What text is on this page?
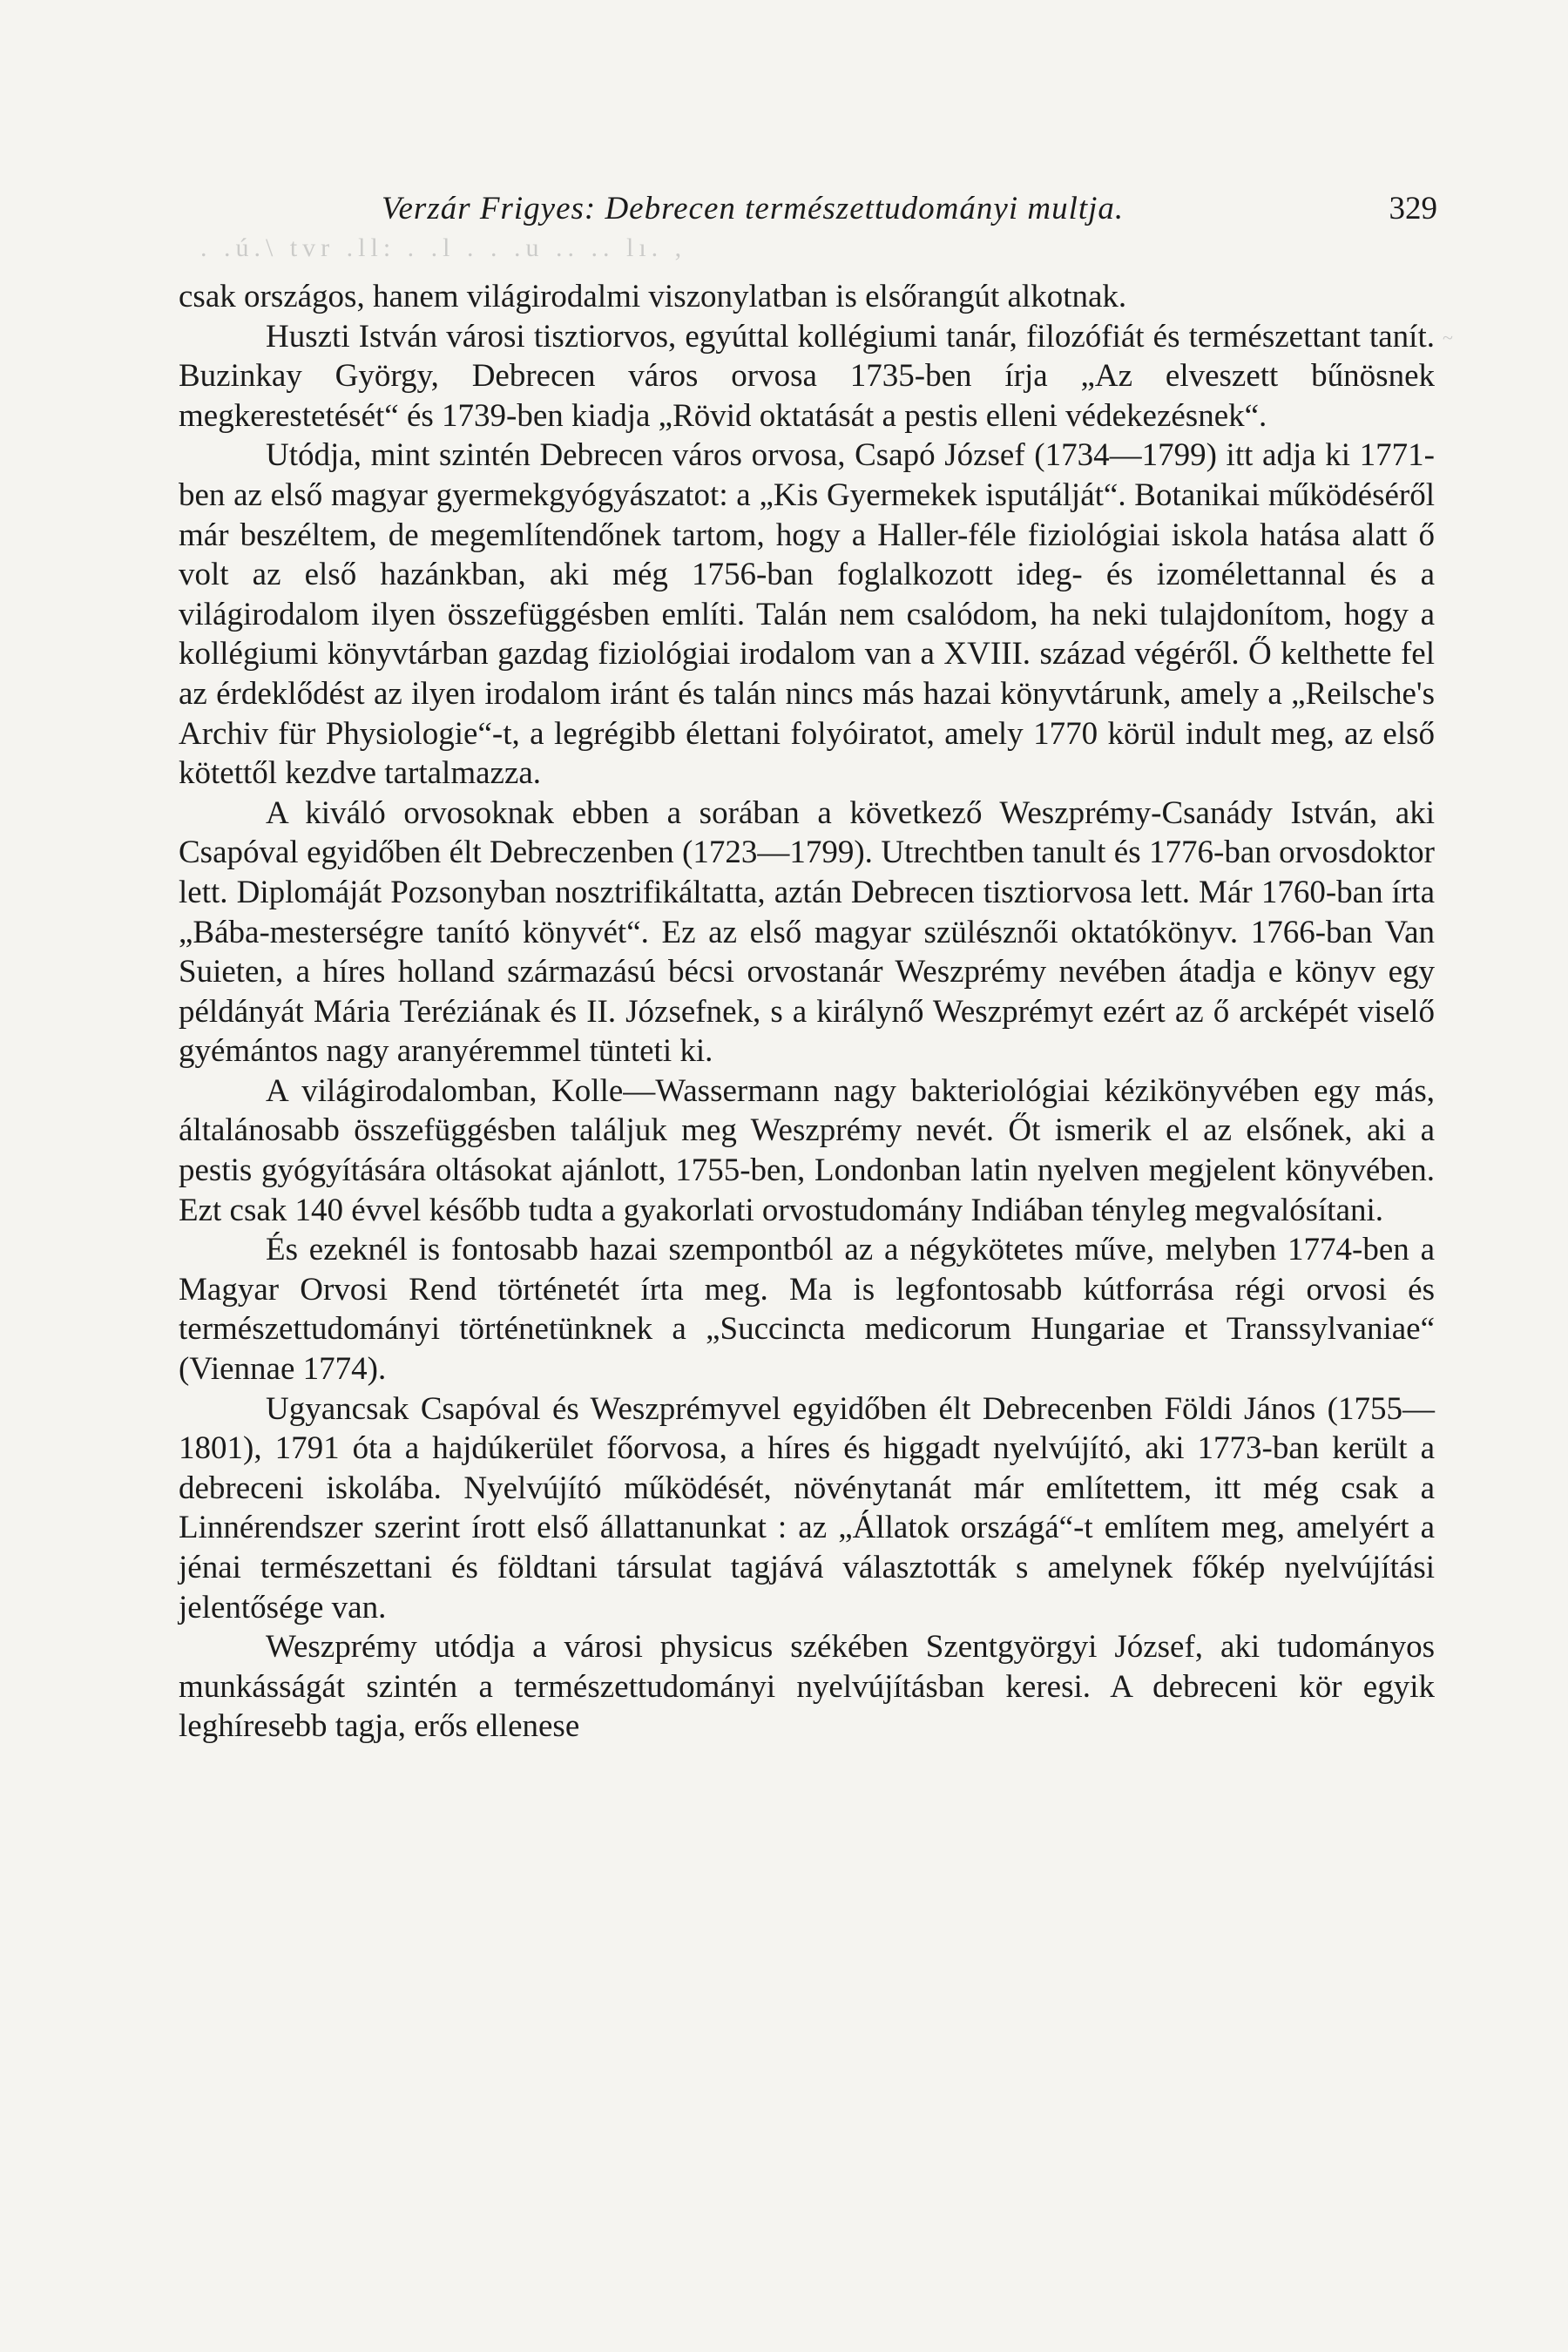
Verzár Frigyes: Debrecen természettudományi multja.	329
. .ú.\ tvr .ll: . .l . . .u .. .. lı. ,
~

csak országos, hanem világirodalmi viszonylatban is elsőrangút alkotnak.

Huszti István városi tisztiorvos, egyúttal kollégiumi tanár, filozófiát és természettant tanít. Buzinkay György, Debrecen város orvosa 1735-ben írja „Az elveszett bűnösnek megkerestetését“ és 1739-ben kiadja „Rövid oktatását a pestis elleni védekezésnek“.

Utódja, mint szintén Debrecen város orvosa, Csapó József (1734—1799) itt adja ki 1771-ben az első magyar gyermekgyógyászatot: a „Kis Gyermekek isputálját“. Botanikai működéséről már beszéltem, de megemlítendőnek tartom, hogy a Haller-féle fiziológiai iskola hatása alatt ő volt az első hazánkban, aki még 1756-ban foglalkozott ideg- és izomélettannal és a világirodalom ilyen összefüggésben említi. Talán nem csalódom, ha neki tulajdonítom, hogy a kollégiumi könyvtárban gazdag fiziológiai irodalom van a XVIII. század végéről. Ő kelthette fel az érdeklődést az ilyen irodalom iránt és talán nincs más hazai könyvtárunk, amely a „Reilsche's Archiv für Physiologie“-t, a legrégibb élettani folyóiratot, amely 1770 körül indult meg, az első kötettől kezdve tartalmazza.

A kiváló orvosoknak ebben a sorában a következő Weszprémy-Csanády István, aki Csapóval egyidőben élt Debreczenben (1723—1799). Utrechtben tanult és 1776-ban orvosdoktor lett. Diplomáját Pozsonyban nosztrifikáltatta, aztán Debrecen tisztiorvosa lett. Már 1760-ban írta „Bába-mesterségre tanító könyvét“. Ez az első magyar szülésznői oktatókönyv. 1766-ban Van Suieten, a híres holland származású bécsi orvostanár Weszprémy nevében átadja e könyv egy példányát Mária Teréziának és II. Józsefnek, s a királynő Weszprémyt ezért az ő arcképét viselő gyémántos nagy aranyéremmel tünteti ki.

A világirodalomban, Kolle—Wassermann nagy bakteriológiai kézikönyvében egy más, általánosabb összefüggésben találjuk meg Weszprémy nevét. Őt ismerik el az elsőnek, aki a pestis gyógyítására oltásokat ajánlott, 1755-ben, Londonban latin nyelven megjelent könyvében. Ezt csak 140 évvel később tudta a gyakorlati orvostudomány Indiában tényleg megvalósítani.

És ezeknél is fontosabb hazai szempontból az a négykötetes műve, melyben 1774-ben a Magyar Orvosi Rend történetét írta meg. Ma is legfontosabb kútforrása régi orvosi és természettudományi történetünknek a „Succincta medicorum Hungariae et Transsylvaniae“ (Viennae 1774).

Ugyancsak Csapóval és Weszprémyvel egyidőben élt Debrecenben Földi János (1755—1801), 1791 óta a hajdúkerület főorvosa, a híres és higgadt nyelvújító, aki 1773-ban került a debreceni iskolába. Nyelvújító működését, növénytanát már említettem, itt még csak a Linnérendszer szerint írott első állattanunkat : az „Állatok országá“-t említem meg, amelyért a jénai természettani és földtani társulat tagjává választották s amelynek főkép nyelvújítási jelentősége van.

Weszprémy utódja a városi physicus székében Szentgyörgyi József, aki tudományos munkásságát szintén a természettudományi nyelvújításban keresi. A debreceni kör egyik leghíresebb tagja, erős ellenese
